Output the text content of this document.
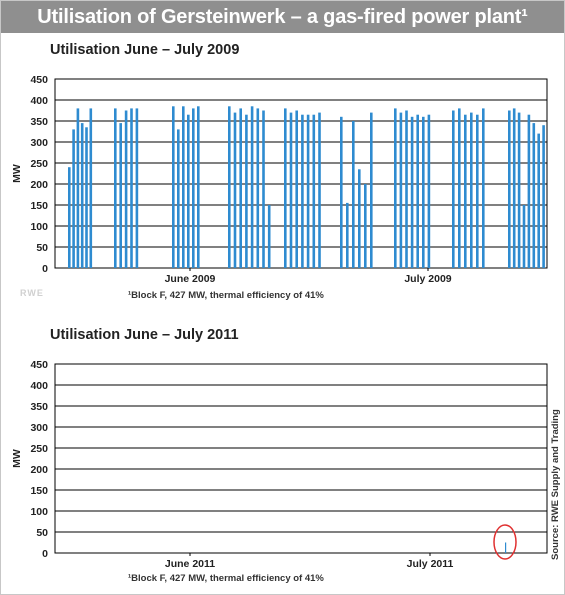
Utilisation of Gersteinwerk – a gas-fired power plant¹
Utilisation June – July 2009
450
400
350
300
250
200
150
100
50
0
MW
June 2009	July 2009
¹Block F, 427 MW, thermal efficiency of 41%
RWE
Utilisation June – July 2011
450
400
350
300
250
200
150
100
50
0
MW
June 2011	July 2011
¹Block F, 427 MW, thermal efficiency of 41%
Source: RWE Supply and Trading
